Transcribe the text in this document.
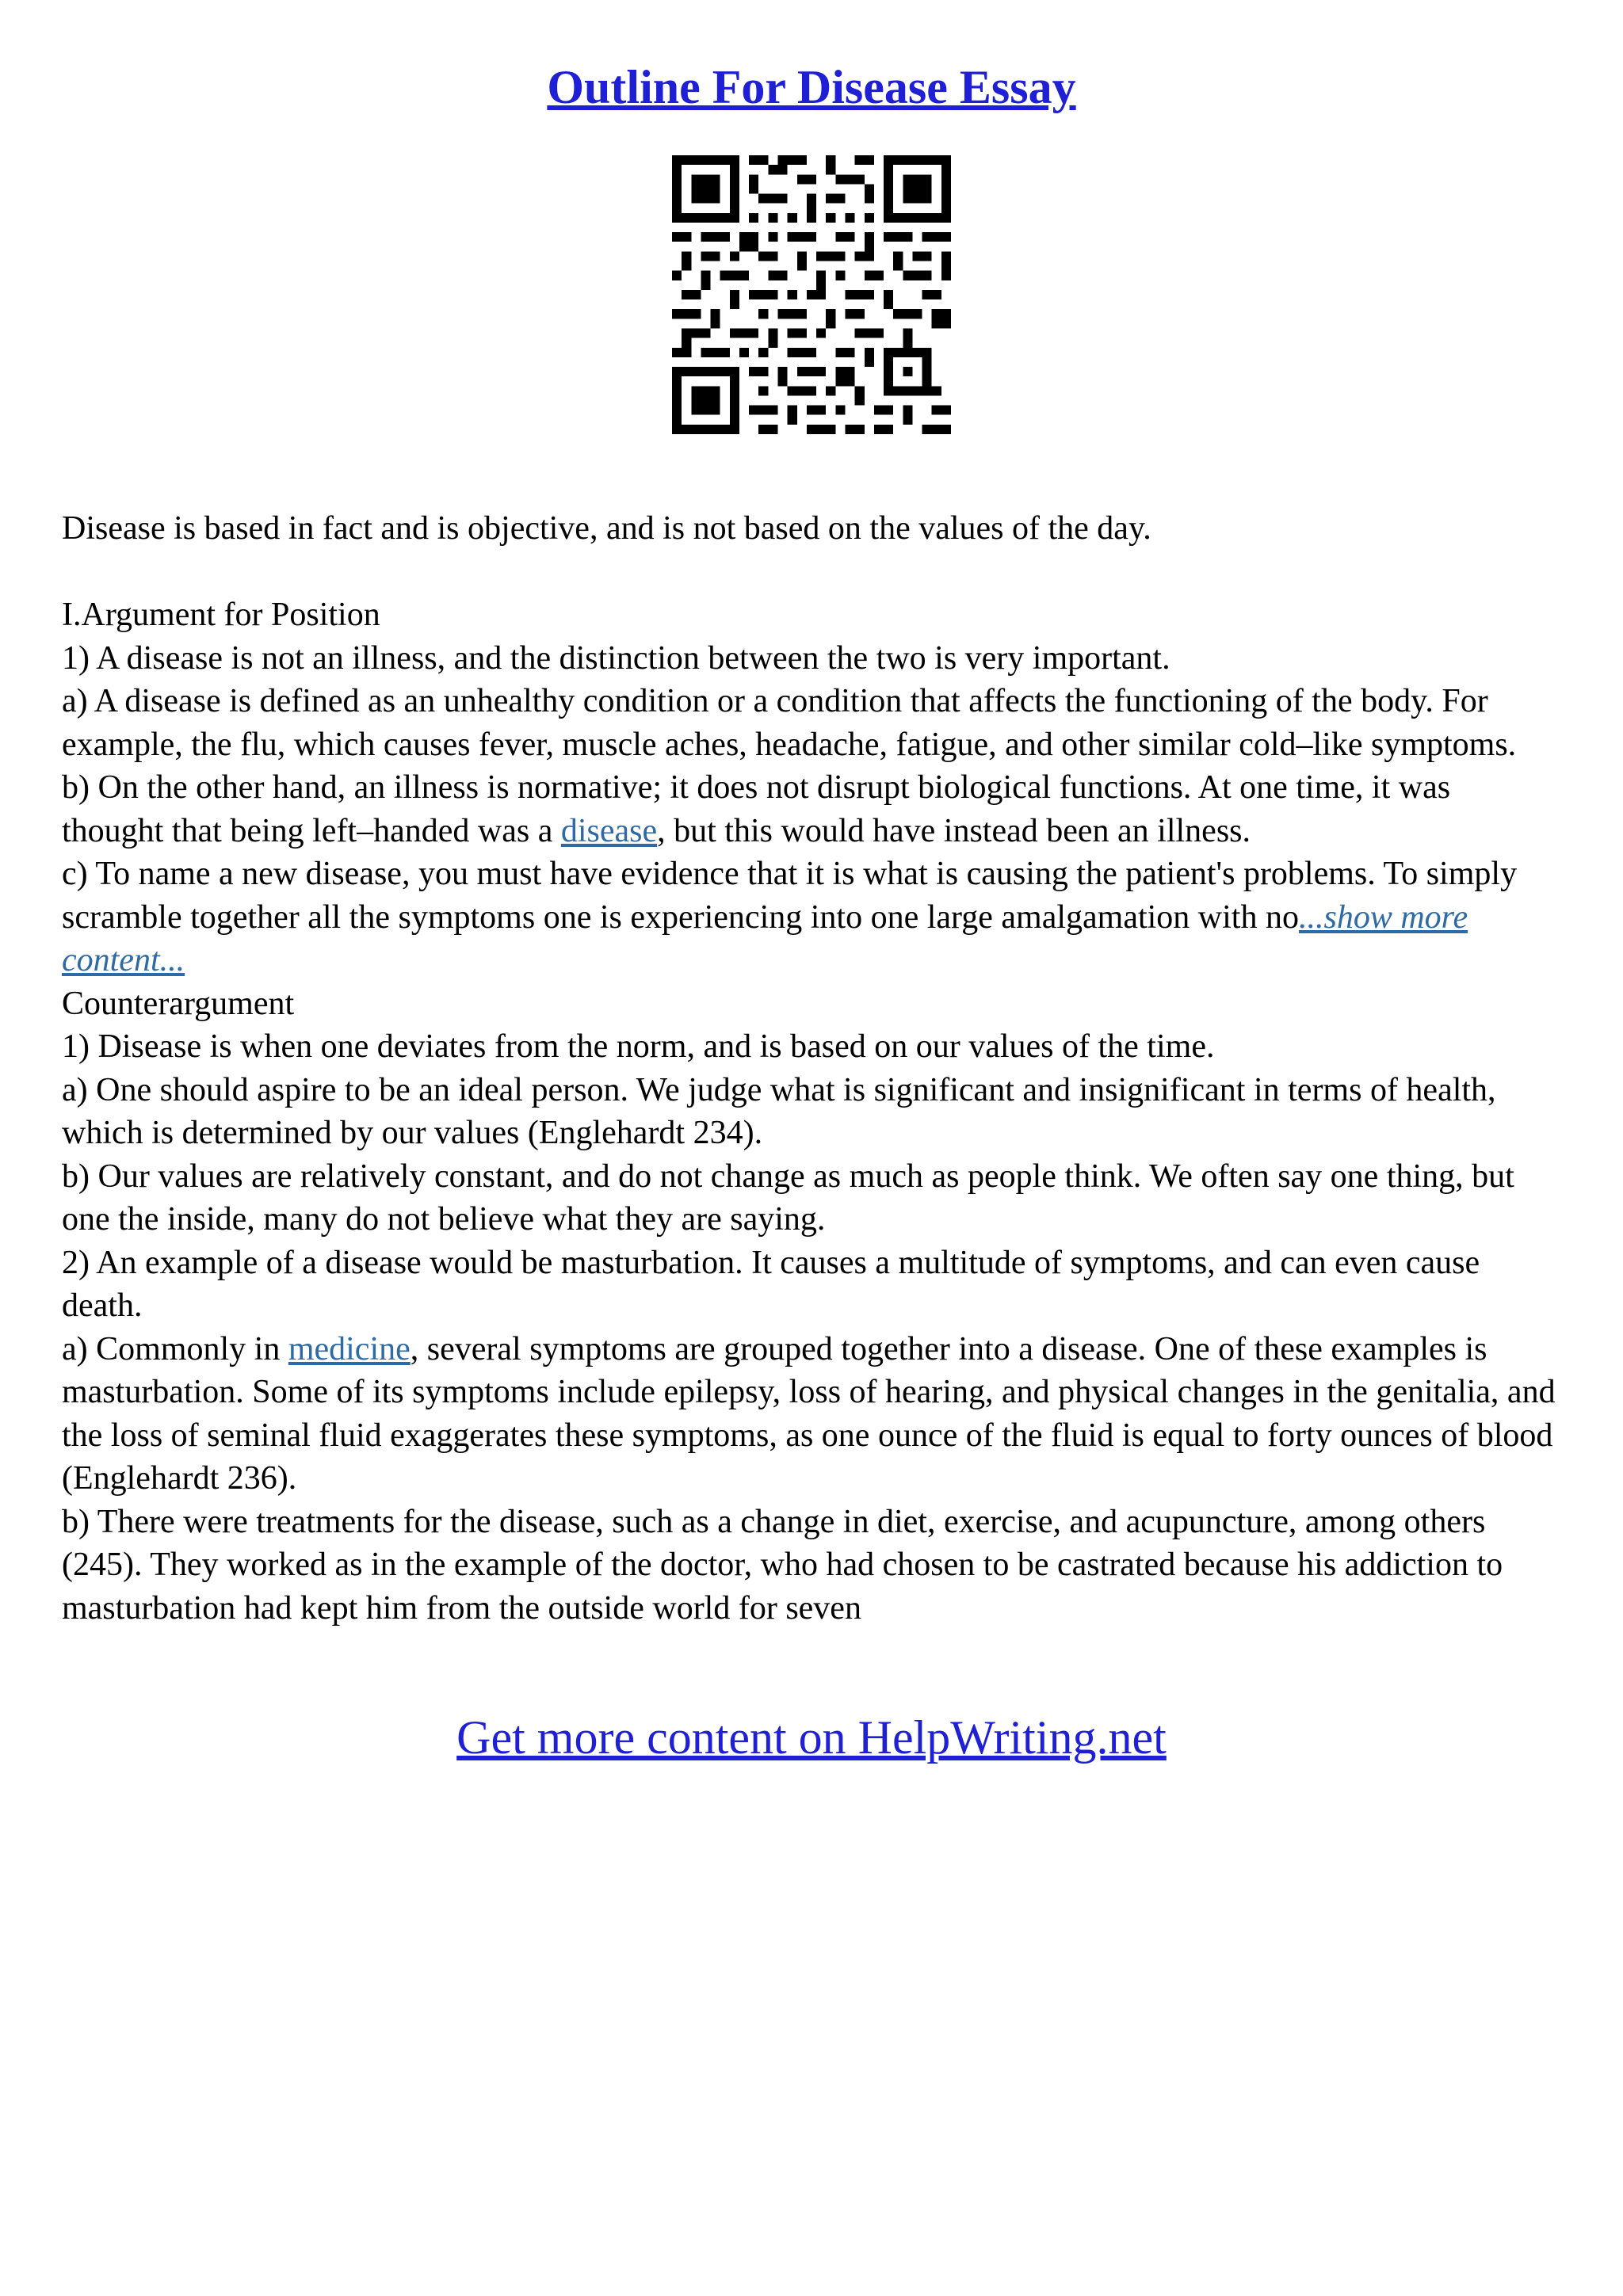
Outline For Disease Essay

Disease is based in fact and is objective, and is not based on the values of the day.

I.Argument for Position

1) A disease is not an illness, and the distinction between the two is very important.

a) A disease is defined as an unhealthy condition or a condition that affects the functioning of the body. For example, the flu, which causes fever, muscle aches, headache, fatigue, and other similar cold–like symptoms.

b) On the other hand, an illness is normative; it does not disrupt biological functions. At one time, it was thought that being left–handed was a disease, but this would have instead been an illness.

c) To name a new disease, you must have evidence that it is what is causing the patient's problems. To simply scramble together all the symptoms one is experiencing into one large amalgamation with no...show more content...

Counterargument

1) Disease is when one deviates from the norm, and is based on our values of the time.

a) One should aspire to be an ideal person. We judge what is significant and insignificant in terms of health, which is determined by our values (Englehardt 234).

b) Our values are relatively constant, and do not change as much as people think. We often say one thing, but one the inside, many do not believe what they are saying.

2) An example of a disease would be masturbation. It causes a multitude of symptoms, and can even cause death.

a) Commonly in medicine, several symptoms are grouped together into a disease. One of these examples is masturbation. Some of its symptoms include epilepsy, loss of hearing, and physical changes in the genitalia, and the loss of seminal fluid exaggerates these symptoms, as one ounce of the fluid is equal to forty ounces of blood (Englehardt 236).

b) There were treatments for the disease, such as a change in diet, exercise, and acupuncture, among others (245). They worked as in the example of the doctor, who had chosen to be castrated because his addiction to masturbation had kept him from the outside world for seven

Get more content on HelpWriting.net
